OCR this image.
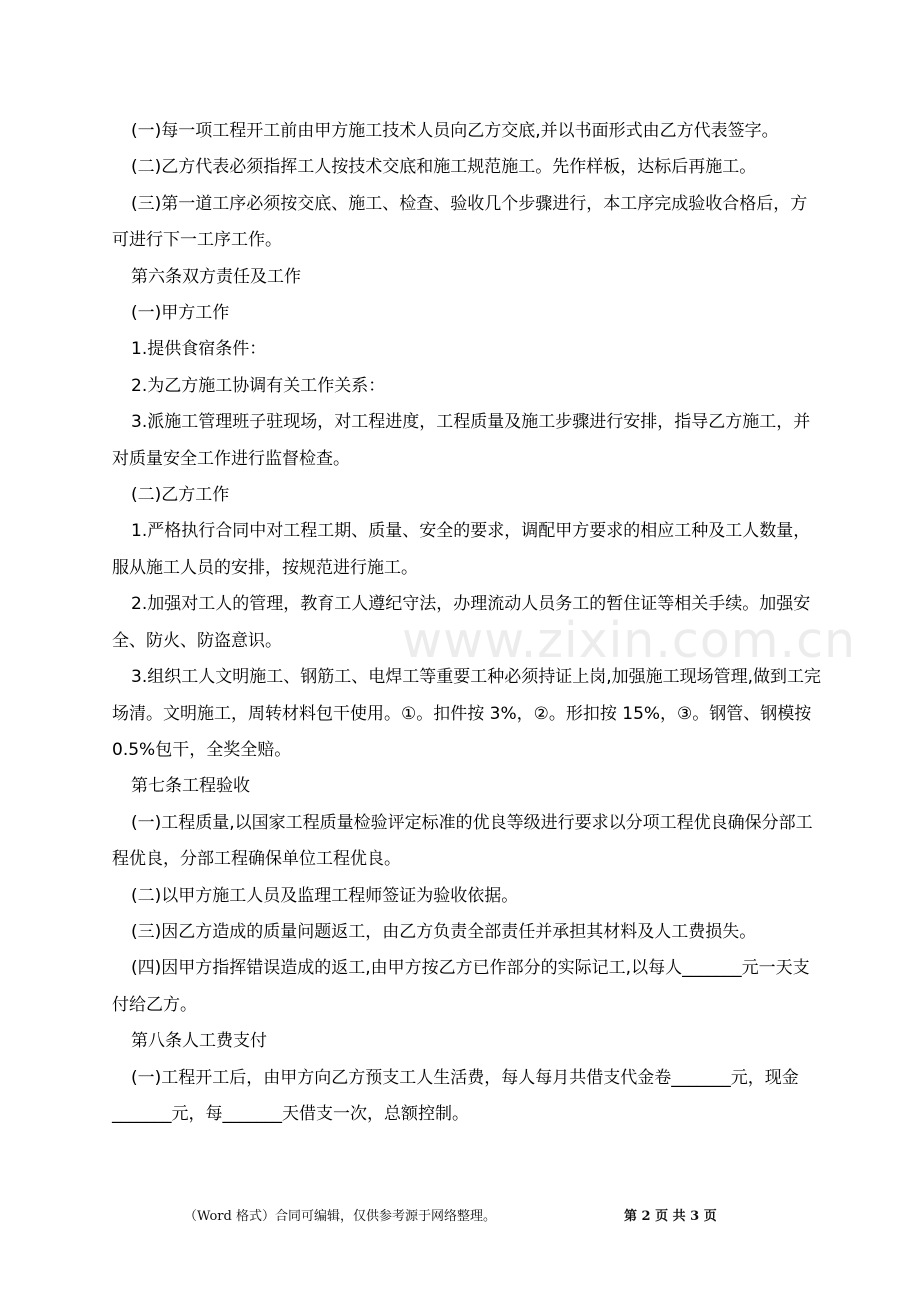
www.zixin.com.cn

(一)每一项工程开工前由甲方施工技术人员向乙方交底,并以书面形式由乙方代表签字。

(二)乙方代表必须指挥工人按技术交底和施工规范施工。先作样板，达标后再施工。

(三)第一道工序必须按交底、施工、检查、验收几个步骤进行，本工序完成验收合格后，方可进行下一工序工作。

第六条双方责任及工作

(一)甲方工作

1.提供食宿条件：

2.为乙方施工协调有关工作关系：

3.派施工管理班子驻现场，对工程进度，工程质量及施工步骤进行安排，指导乙方施工，并对质量安全工作进行监督检查。

(二)乙方工作

1.严格执行合同中对工程工期、质量、安全的要求，调配甲方要求的相应工种及工人数量，服从施工人员的安排，按规范进行施工。

2.加强对工人的管理，教育工人遵纪守法，办理流动人员务工的暂住证等相关手续。加强安全、防火、防盗意识。

3.组织工人文明施工、钢筋工、电焊工等重要工种必须持证上岗,加强施工现场管理,做到工完场清。文明施工，周转材料包干使用。①。扣件按 3%，②。形扣按 15%，③。钢管、钢模按 0.5%包干，全奖全赔。

第七条工程验收

(一)工程质量,以国家工程质量检验评定标准的优良等级进行要求以分项工程优良确保分部工程优良，分部工程确保单位工程优良。

(二)以甲方施工人员及监理工程师签证为验收依据。

(三)因乙方造成的质量问题返工，由乙方负责全部责任并承担其材料及人工费损失。

(四)因甲方指挥错误造成的返工,由甲方按乙方已作部分的实际记工,以每人_______元一天支付给乙方。

第八条人工费支付

(一)工程开工后，由甲方向乙方预支工人生活费，每人每月共借支代金卷_______元，现金_______元，每_______天借支一次，总额控制。

（Word 格式）合同可编辑，仅供参考源于网络整理。	第 2 页 共 3 页
